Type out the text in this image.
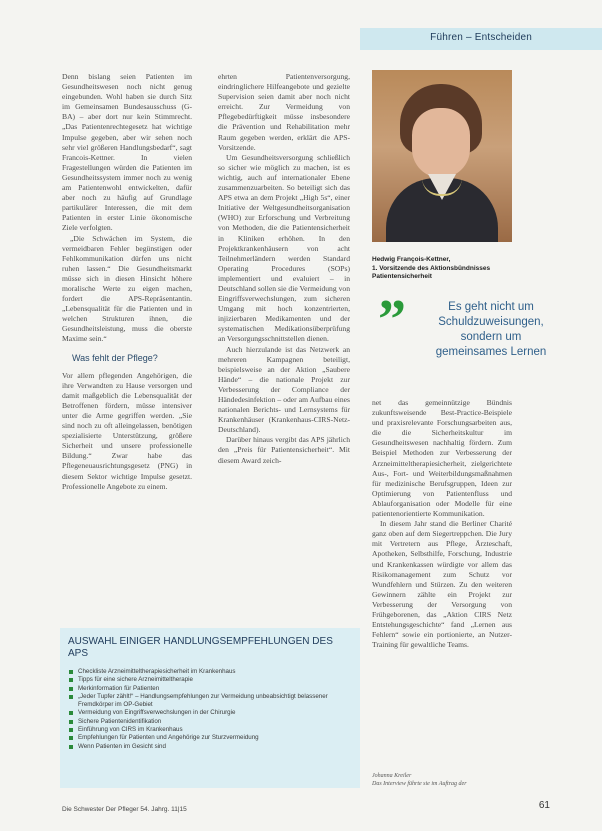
Führen – Entscheiden

Denn bislang seien Patienten im Gesundheitswesen noch nicht genug eingebunden. Wohl haben sie durch Sitz im Gemeinsamen Bundesausschuss (G-BA) – aber dort nur kein Stimmrecht. „Das Patientenrechtegesetz hat wichtige Impulse gegeben, aber wir sehen noch sehr viel größeren Handlungsbedarf“, sagt Francois-Kettner. In vielen Fragestellungen würden die Patienten im Gesundheitssystem immer noch zu wenig am Patientenwohl entwickelten, dafür aber noch zu häufig auf Grundlage partikulärer Interessen, die mit dem Patienten in erster Linie ökonomische Ziele verfolgten.

„Die Schwächen im System, die vermeidbaren Fehler begünstigen oder Fehlkommunikation dürfen uns nicht ruhen lassen.“ Die Gesundheitsmarkt müsse sich in diesen Hinsicht höhere moralische Werte zu eigen machen, fordert die APS-Repräsentantin. „Lebensqualität für die Patienten und in welchen Strukturen ihnen, die Gesundheitsleistung, muss die oberste Maxime sein.“

Was fehlt der Pflege?

Vor allem pflegenden Angehörigen, die ihre Verwandten zu Hause versorgen und damit maßgeblich die Lebensqualität der Betroffenen fördern, müsse intensiver unter die Arme gegriffen werden. „Sie sind noch zu oft alleingelassen, benötigen spezialisierte Unterstützung, größere Sicherheit und unsere professionelle Bildung.“ Zwar habe das Pflegeneuausrichtungsgesetz (PNG) in diesem Sektor wichtige Impulse gesetzt. Professionelle Angebote zu einem.

ehrten Patientenversorgung, eindringlichere Hilfeangebote und gezielte Supervision seien damit aber noch nicht erreicht. Zur Vermeidung von Pflegebedürftigkeit müsse insbesondere die Prävention und Rehabilitation mehr Raum gegeben werden, erklärt die APS-Vorsitzende.

Um Gesundheitsversorgung schließlich so sicher wie möglich zu machen, ist es wichtig, auch auf internationaler Ebene zusammenzuarbeiten. So beteiligt sich das APS etwa an dem Projekt „High 5s“, einer Initiative der Weltgesundheitsorganisation (WHO) zur Erforschung und Verbreitung von Methoden, die die Patientensicherheit in Kliniken erhöhen. In den Projektkrankenhäusern von acht Teilnehmerländern werden Standard Operating Procedures (SOPs) implementiert und evaluiert – in Deutschland sollen sie die Vermeidung von Eingriffsverwechslungen, zum sicheren Umgang mit hoch konzentrierten, injizierbaren Medikamenten und der systematischen Medikationsüberprüfung an Versorgungsschnittstellen dienen.

Auch hierzulande ist das Netzwerk an mehreren Kampagnen beteiligt, beispielsweise an der Aktion „Saubere Hände“ – die nationale Projekt zur Verbesserung der Compliance der Händedesinfektion – oder am Aufbau eines nationalen Berichts- und Lernsystems für Krankenhäuser (Krankenhaus-CIRS-Netz-Deutschland).

Darüber hinaus vergibt das APS jährlich den „Preis für Patientensicherheit“. Mit diesem Award zeich-

Hedwig François-Kettner,
1. Vorsitzende des Aktionsbündnisses Patientensicherheit
”	Es geht nicht um Schuldzuweisungen, sondern um gemeinsames Lernen

net das gemeinnützige Bündnis zukunftsweisende Best-Practice-Beispiele und praxisrelevante Forschungsarbeiten aus, die die Sicherheitskultur im Gesundheitswesen nachhaltig fördern. Zum Beispiel Methoden zur Verbesserung der Arzneimitteltherapiesicherheit, zielgerichtete Aus-, Fort- und Weiterbildungsmaßnahmen für medizinische Berufsgruppen, Ideen zur Optimierung von Patientenfluss und Ablauforganisation oder Modelle für eine patientenorientierte Kommunikation.

In diesem Jahr stand die Berliner Charité ganz oben auf dem Siegertreppchen. Die Jury mit Vertretern aus Pflege, Ärzteschaft, Apotheken, Selbsthilfe, Forschung, Industrie und Krankenkassen würdigte vor allem das Risikomanagement zum Schutz vor Wundfehlern und Stürzen. Zu den weiteren Gewinnern zählte ein Projekt zur Verbesserung der Versorgung von Frühgeborenen, das „Aktion CIRS Netz Entstehungsgeschichte“ fand „Lernen aus Fehlern“ sowie ein portionierte, an Nutzer-Training für gewaltliche Teams.

Johanna Kreiler
Das Interview führte sie im Auftrag der
AUSWAHL EINIGER HANDLUNGSEMPFEHLUNGEN DES APS
Checkliste Arzneimitteltherapiesicherheit im Krankenhaus
Tipps für eine sichere Arzneimitteltherapie
Merkinformation für Patienten
„Jeder Tupfer zählt!“ – Handlungsempfehlungen zur Vermeidung unbeabsichtigt belassener Fremdkörper im OP-Gebiet
Vermeidung von Eingriffsverwechslungen in der Chirurgie
Sichere Patientenidentifikation
Einführung von CIRS im Krankenhaus
Empfehlungen für Patienten und Angehörige zur Sturzvermeidung
Wenn Patienten im Gesicht sind
Die Schwester Der Pfleger 54. Jahrg. 11|15	61
